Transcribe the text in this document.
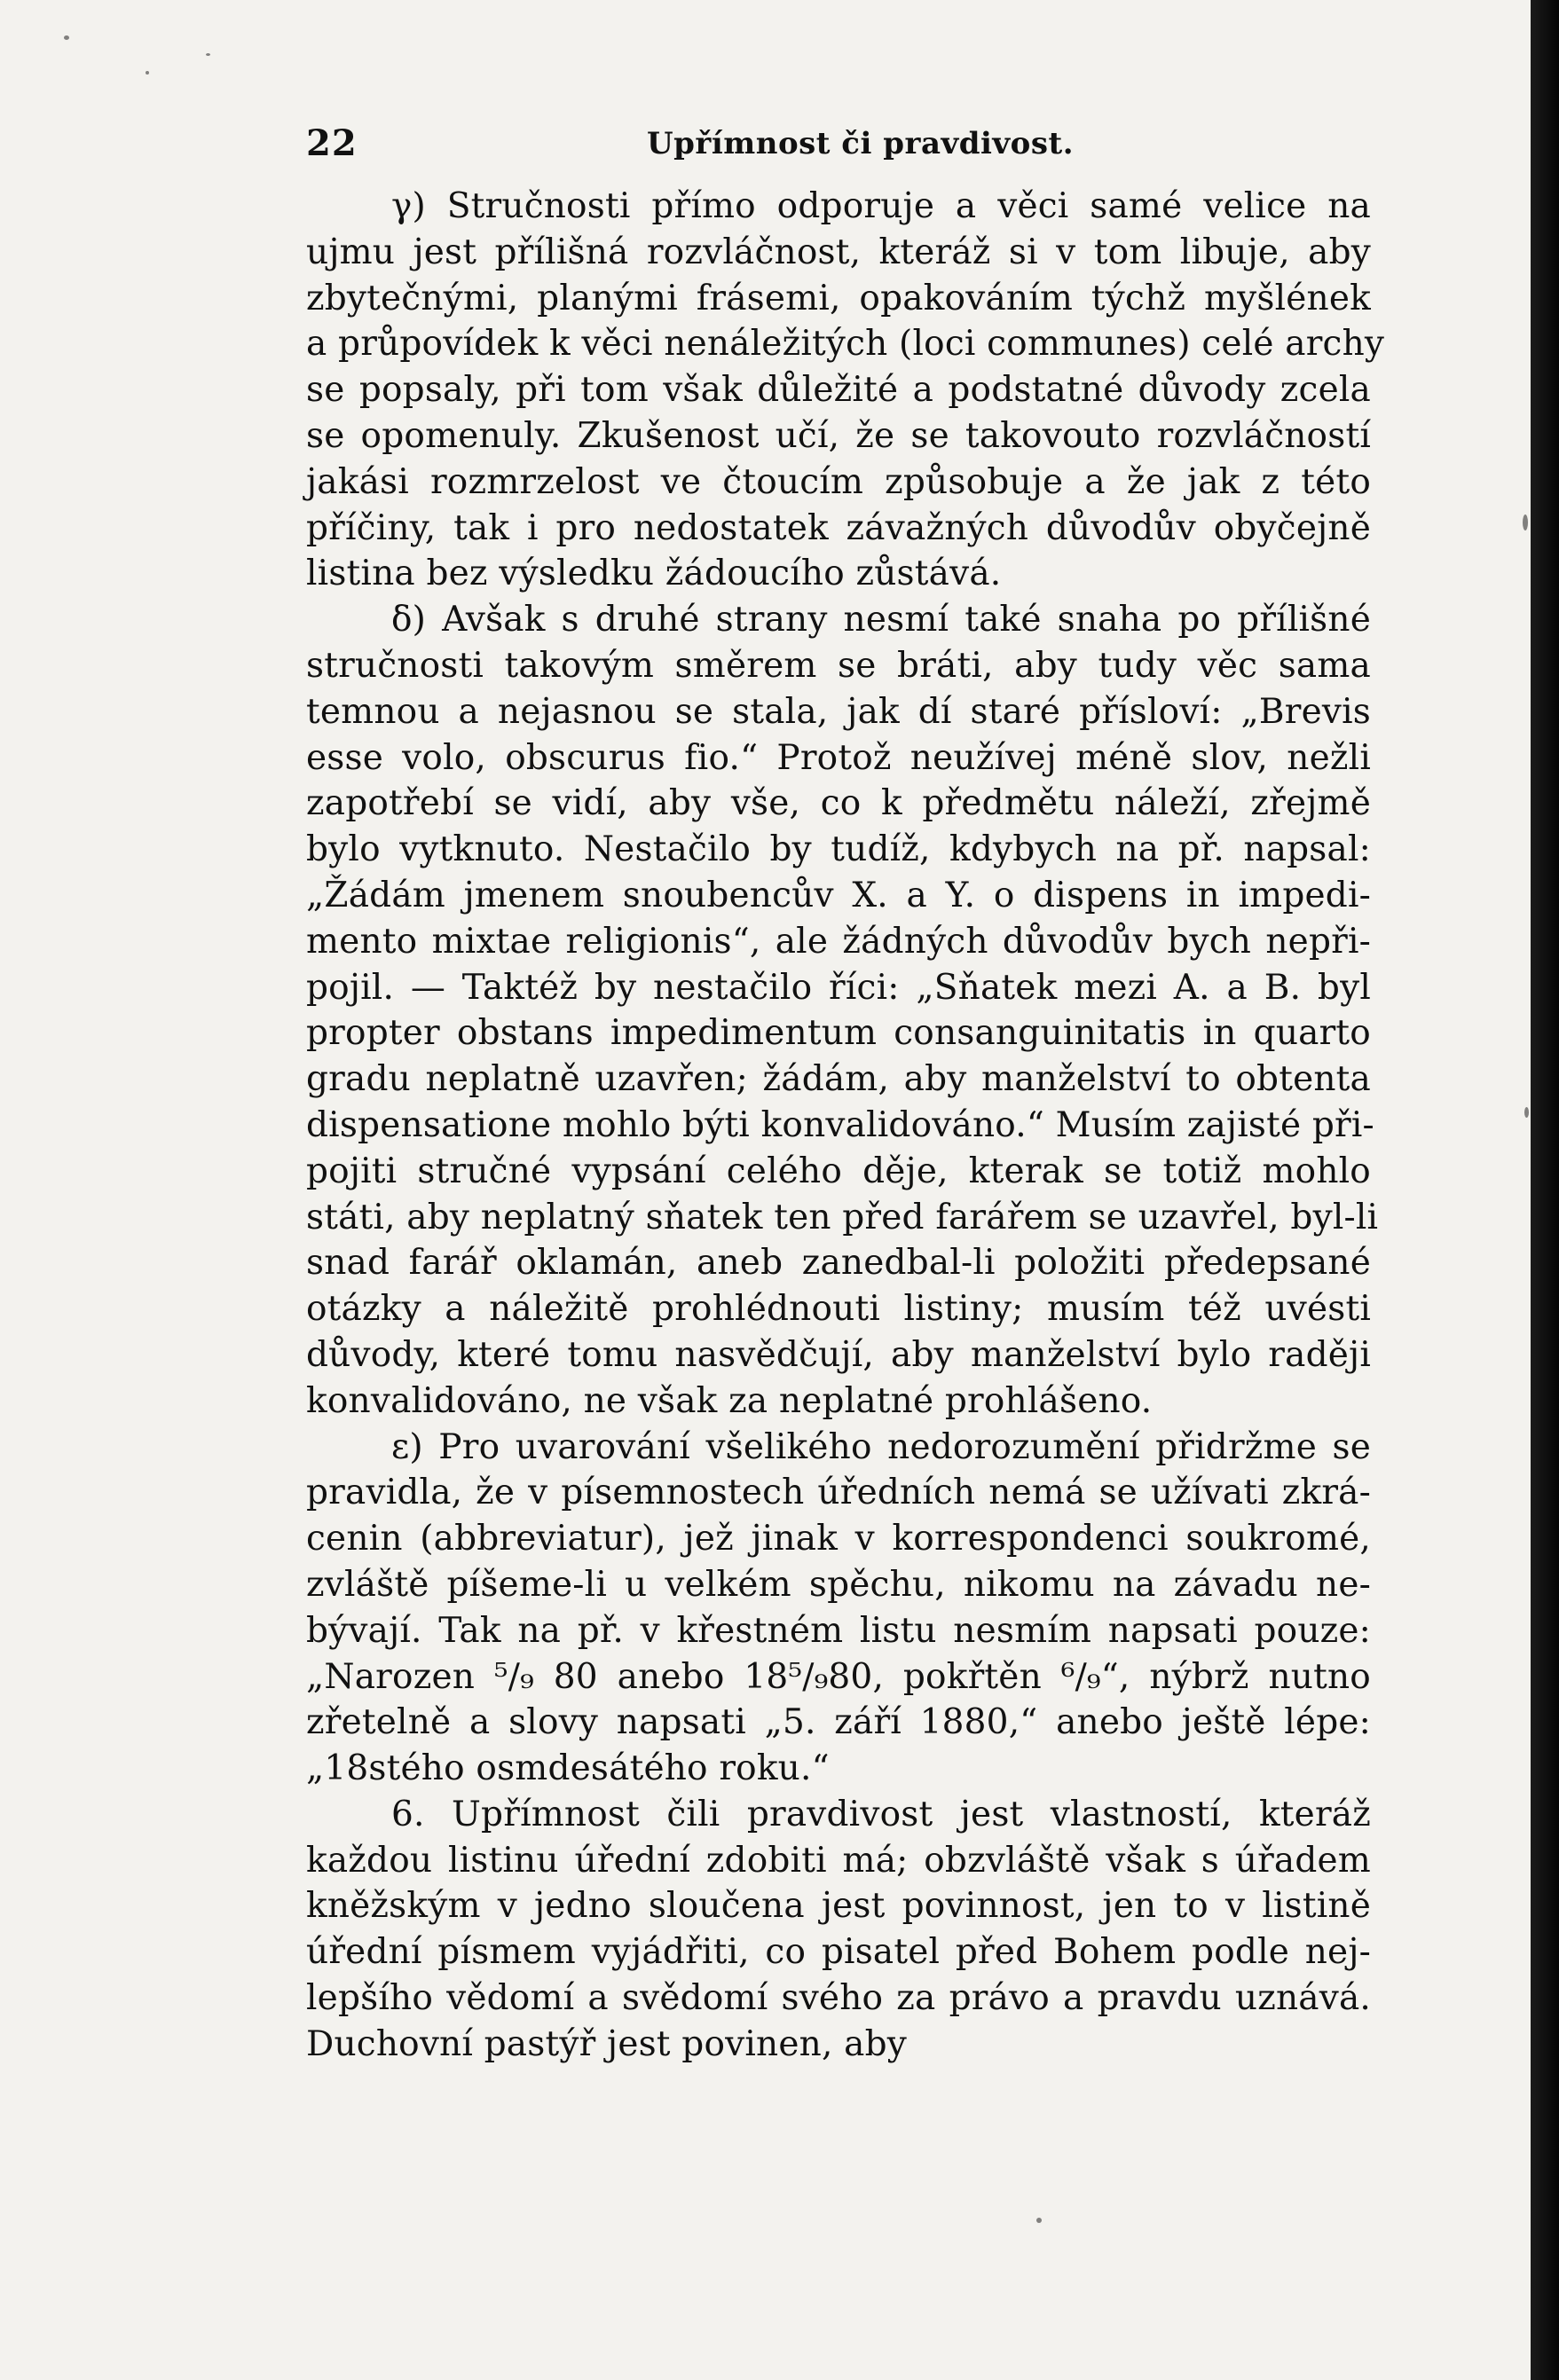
22	Upřímnost či pravdivost.
γ) Stručnosti přímo odporuje a věci samé velice na
ujmu jest přílišná rozvláčnost, kteráž si v tom libuje, aby
zbytečnými, planými frásemi, opakováním týchž myšlének
a průpovídek k věci nenáležitých (loci communes) celé archy
se popsaly, při tom však důležité a podstatné důvody zcela
se opomenuly. Zkušenost učí, že se takovouto rozvláčností
jakási rozmrzelost ve čtoucím způsobuje a že jak z této
příčiny, tak i pro nedostatek závažných důvodův obyčejně
listina bez výsledku žádoucího zůstává.
δ) Avšak s druhé strany nesmí také snaha po přílišné
stručnosti takovým směrem se bráti, aby tudy věc sama
temnou a nejasnou se stala, jak dí staré přísloví: „Brevis
esse volo, obscurus fio.“ Protož neužívej méně slov, nežli
zapotřebí se vidí, aby vše, co k předmětu náleží, zřejmě
bylo vytknuto. Nestačilo by tudíž, kdybych na př. napsal:
„Žádám jmenem snoubencův X. a Y. o dispens in impedi-
mento mixtae religionis“, ale žádných důvodův bych nepři-
pojil. — Taktéž by nestačilo říci: „Sňatek mezi A. a B. byl
propter obstans impedimentum consanguinitatis in quarto
gradu neplatně uzavřen; žádám, aby manželství to obtenta
dispensatione mohlo býti konvalidováno.“ Musím zajisté při-
pojiti stručné vypsání celého děje, kterak se totiž mohlo
státi, aby neplatný sňatek ten před farářem se uzavřel, byl-li
snad farář oklamán, aneb zanedbal-li položiti předepsané
otázky a náležitě prohlédnouti listiny; musím též uvésti
důvody, které tomu nasvědčují, aby manželství bylo raději
konvalidováno, ne však za neplatné prohlášeno.
ε) Pro uvarování všelikého nedorozumění přidržme se
pravidla, že v písemnostech úředních nemá se užívati zkrá-
cenin (abbreviatur), jež jinak v korrespondenci soukromé,
zvláště píšeme-li u velkém spěchu, nikomu na závadu ne-
bývají. Tak na př. v křestném listu nesmím napsati pouze:
„Narozen ⁵/₉ 80 anebo 18⁵/₉80, pokřtěn ⁶/₉“, nýbrž nutno
zřetelně a slovy napsati „5. září 1880,“ anebo ještě lépe:
„18stého osmdesátého roku.“
6. Upřímnost čili pravdivost jest vlastností, kteráž
každou listinu úřední zdobiti má; obzvláště však s úřadem
kněžským v jedno sloučena jest povinnost, jen to v listině
úřední písmem vyjádřiti, co pisatel před Bohem podle nej-
lepšího vědomí a svědomí svého za právo a pravdu uznává.
Duchovní pastýř jest povinen, aby
